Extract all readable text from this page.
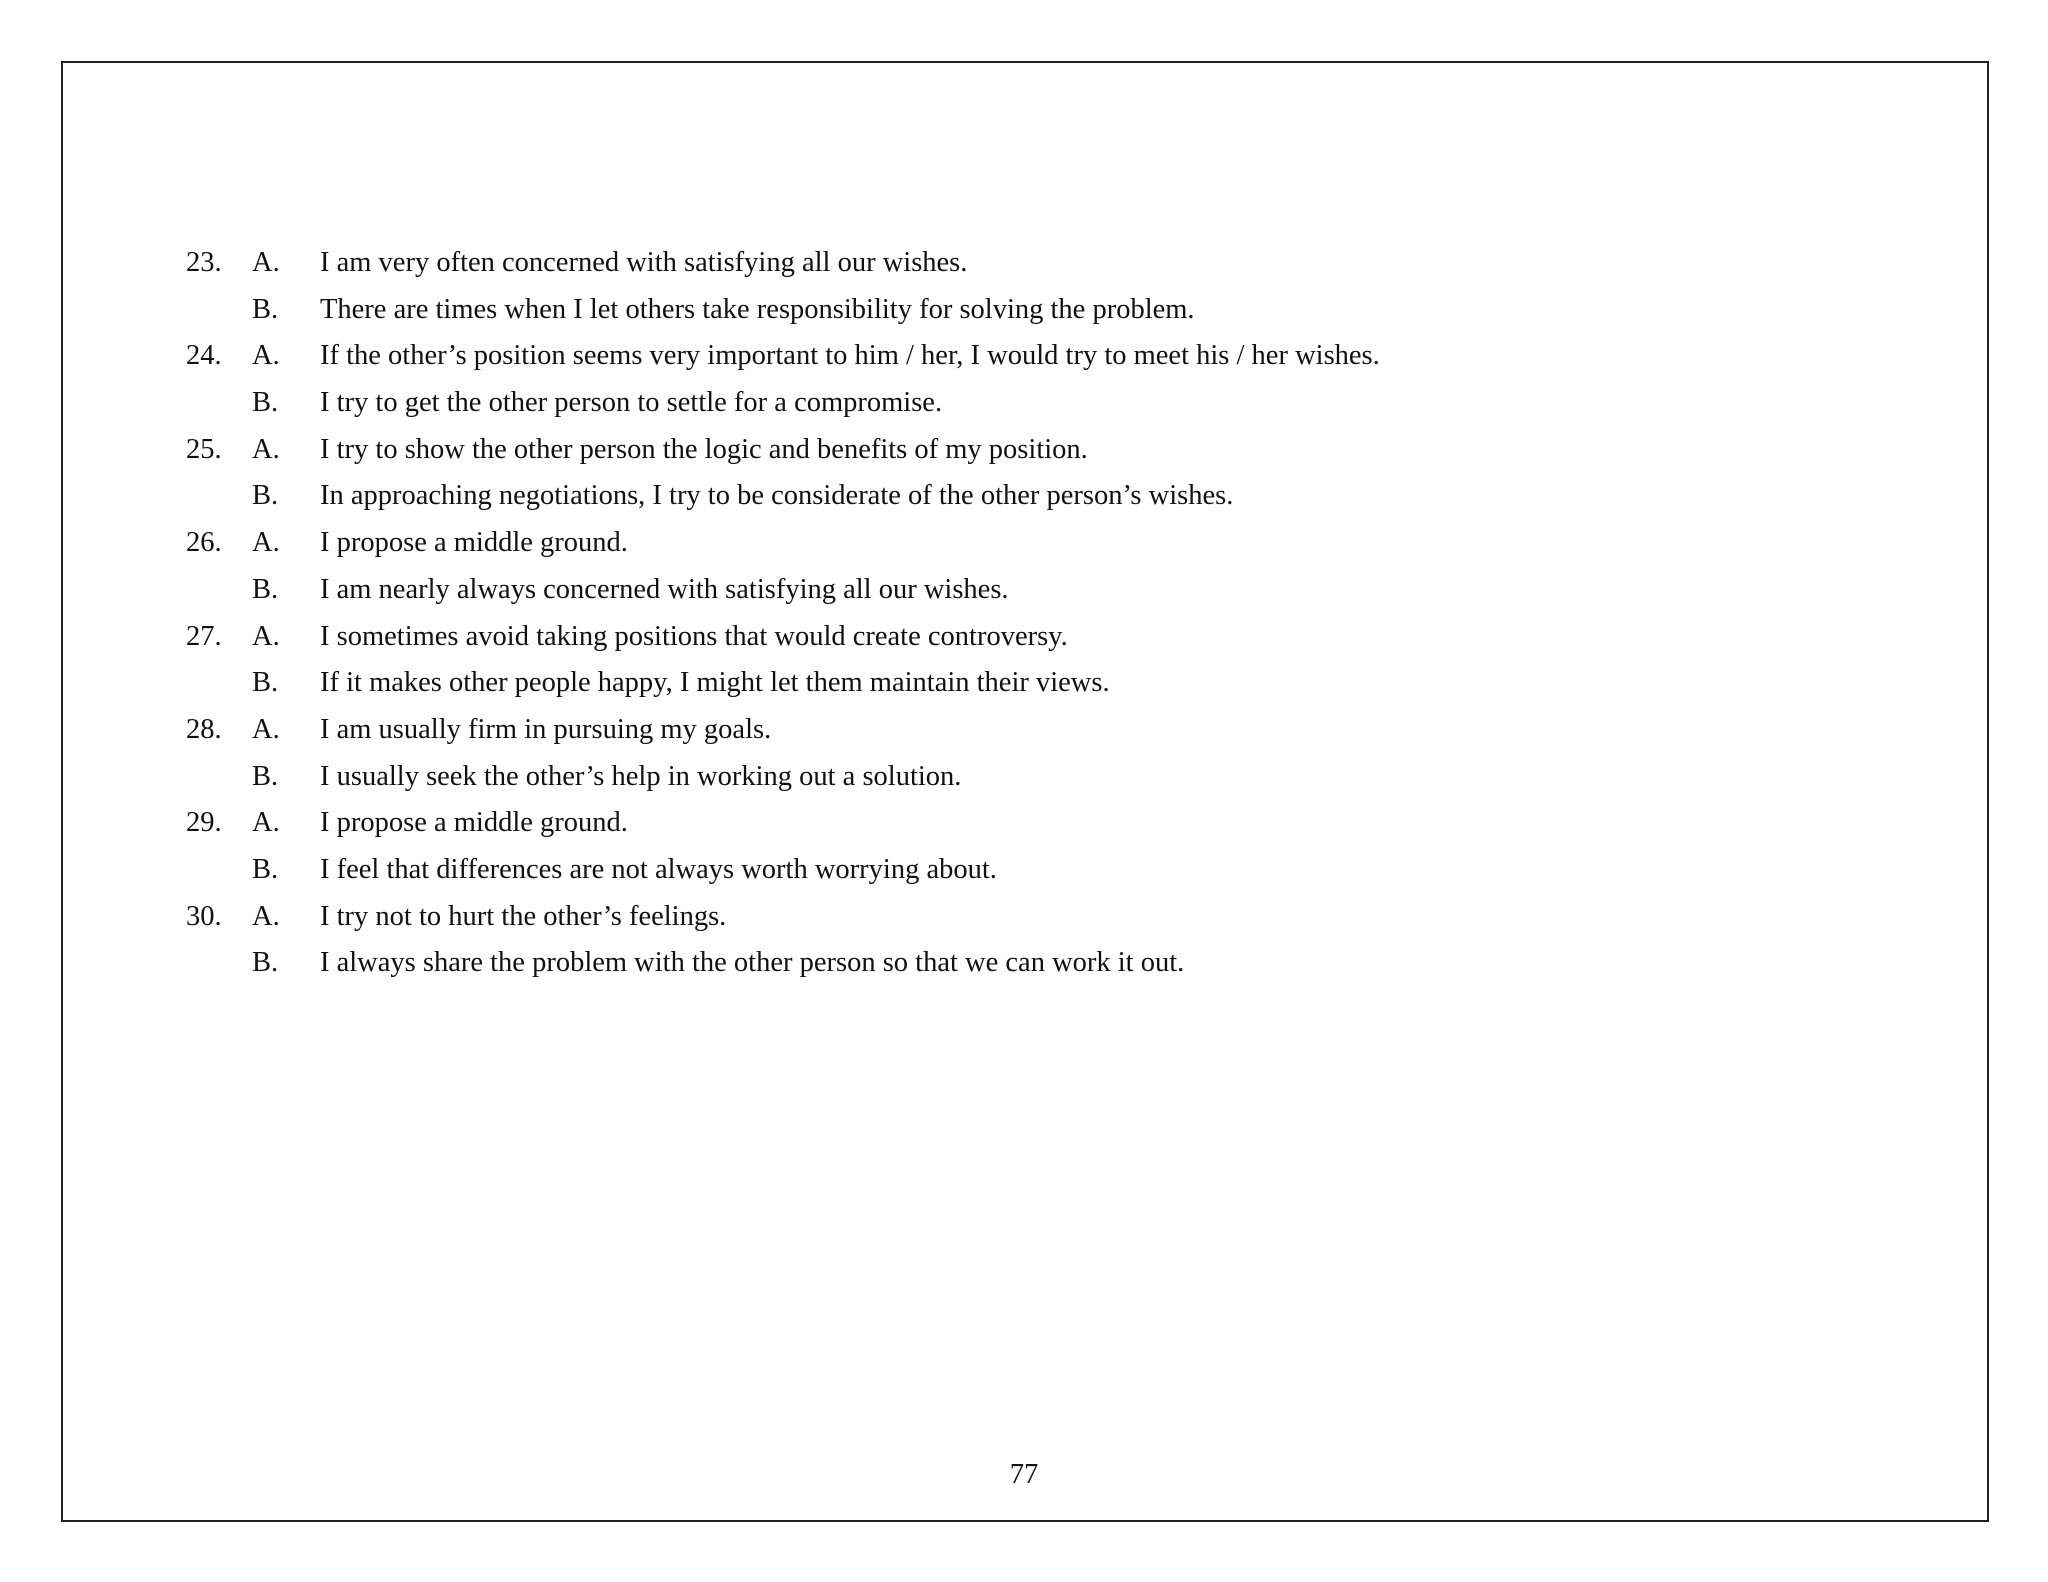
23. A. I am very often concerned with satisfying all our wishes.
B. There are times when I let others take responsibility for solving the problem.
24. A. If the other’s position seems very important to him / her, I would try to meet his / her wishes.
B. I try to get the other person to settle for a compromise.
25. A. I try to show the other person the logic and benefits of my position.
B. In approaching negotiations, I try to be considerate of the other person’s wishes.
26. A. I propose a middle ground.
B. I am nearly always concerned with satisfying all our wishes.
27. A. I sometimes avoid taking positions that would create controversy.
B. If it makes other people happy, I might let them maintain their views.
28. A. I am usually firm in pursuing my goals.
B. I usually seek the other’s help in working out a solution.
29. A. I propose a middle ground.
B. I feel that differences are not always worth worrying about.
30. A. I try not to hurt the other’s feelings.
B. I always share the problem with the other person so that we can work it out.
77
